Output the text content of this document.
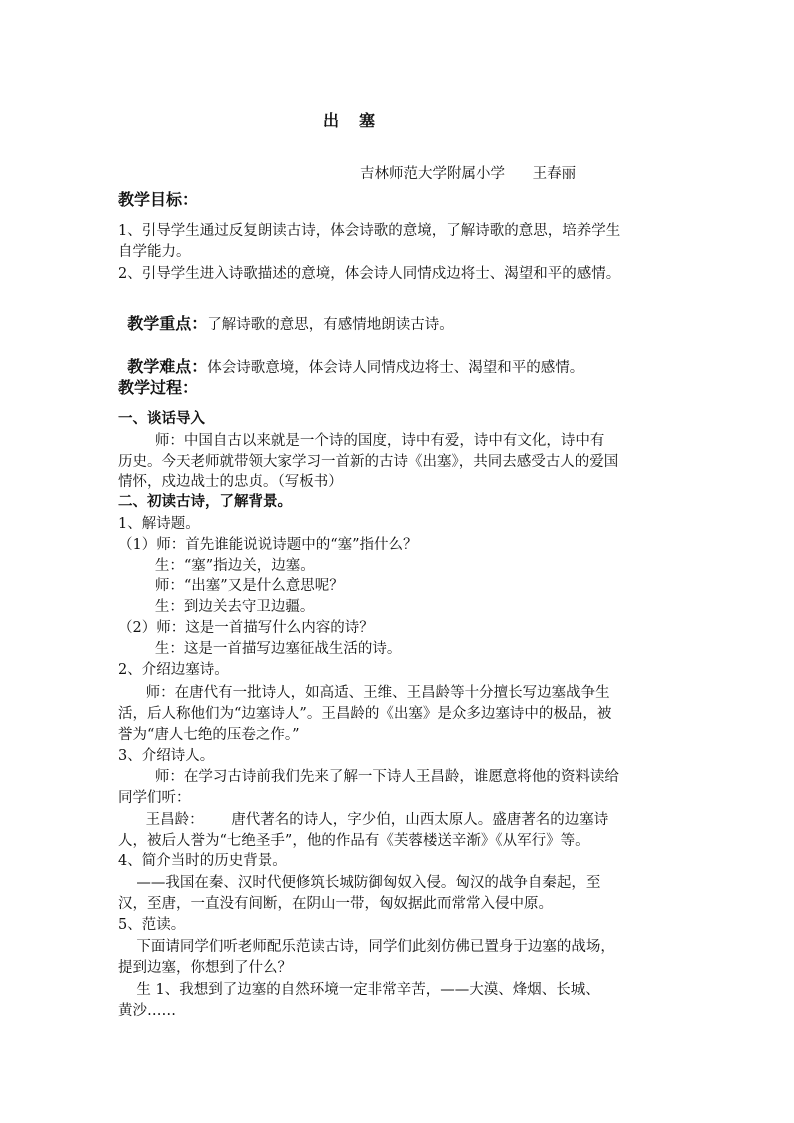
出塞
吉林师范大学附属小学      王春丽
教学目标：
1、引导学生通过反复朗读古诗，体会诗歌的意境，了解诗歌的意思，培养学生
自学能力。
2、引导学生进入诗歌描述的意境，体会诗人同情戍边将士、渴望和平的感情。

教学重点：了解诗歌的意思，有感情地朗读古诗。

教学难点：体会诗歌意境，体会诗人同情戍边将士、渴望和平的感情。

教学过程：
一、谈话导入
师：中国自古以来就是一个诗的国度，诗中有爱，诗中有文化，诗中有
历史。今天老师就带领大家学习一首新的古诗《出塞》，共同去感受古人的爱国
情怀，戍边战士的忠贞。（写板书）
二、初读古诗，了解背景。
1、解诗题。
（1）师：首先谁能说说诗题中的“塞”指什么？
生：“塞”指边关，边塞。
师：“出塞”又是什么意思呢？
生：到边关去守卫边疆。
（2）师：这是一首描写什么内容的诗？
生：这是一首描写边塞征战生活的诗。
2、介绍边塞诗。
师：在唐代有一批诗人，如高适、王维、王昌龄等十分擅长写边塞战争生
活，后人称他们为“边塞诗人”。王昌龄的《出塞》是众多边塞诗中的极品，被
誉为“唐人七绝的压卷之作。”
3、介绍诗人。
师：在学习古诗前我们先来了解一下诗人王昌龄，谁愿意将他的资料读给
同学们听：
王昌龄：      唐代著名的诗人，字少伯，山西太原人。盛唐著名的边塞诗
人，被后人誉为“七绝圣手”，他的作品有《芙蓉楼送辛渐》《从军行》等。
4、简介当时的历史背景。
——我国在秦、汉时代便修筑长城防御匈奴入侵。匈汉的战争自秦起，至
汉，至唐，一直没有间断，在阴山一带，匈奴据此而常常入侵中原。
5、范读。
下面请同学们听老师配乐范读古诗，同学们此刻仿佛已置身于边塞的战场，
提到边塞，你想到了什么？
生 1、我想到了边塞的自然环境一定非常辛苦，——大漠、烽烟、长城、
黄沙……
